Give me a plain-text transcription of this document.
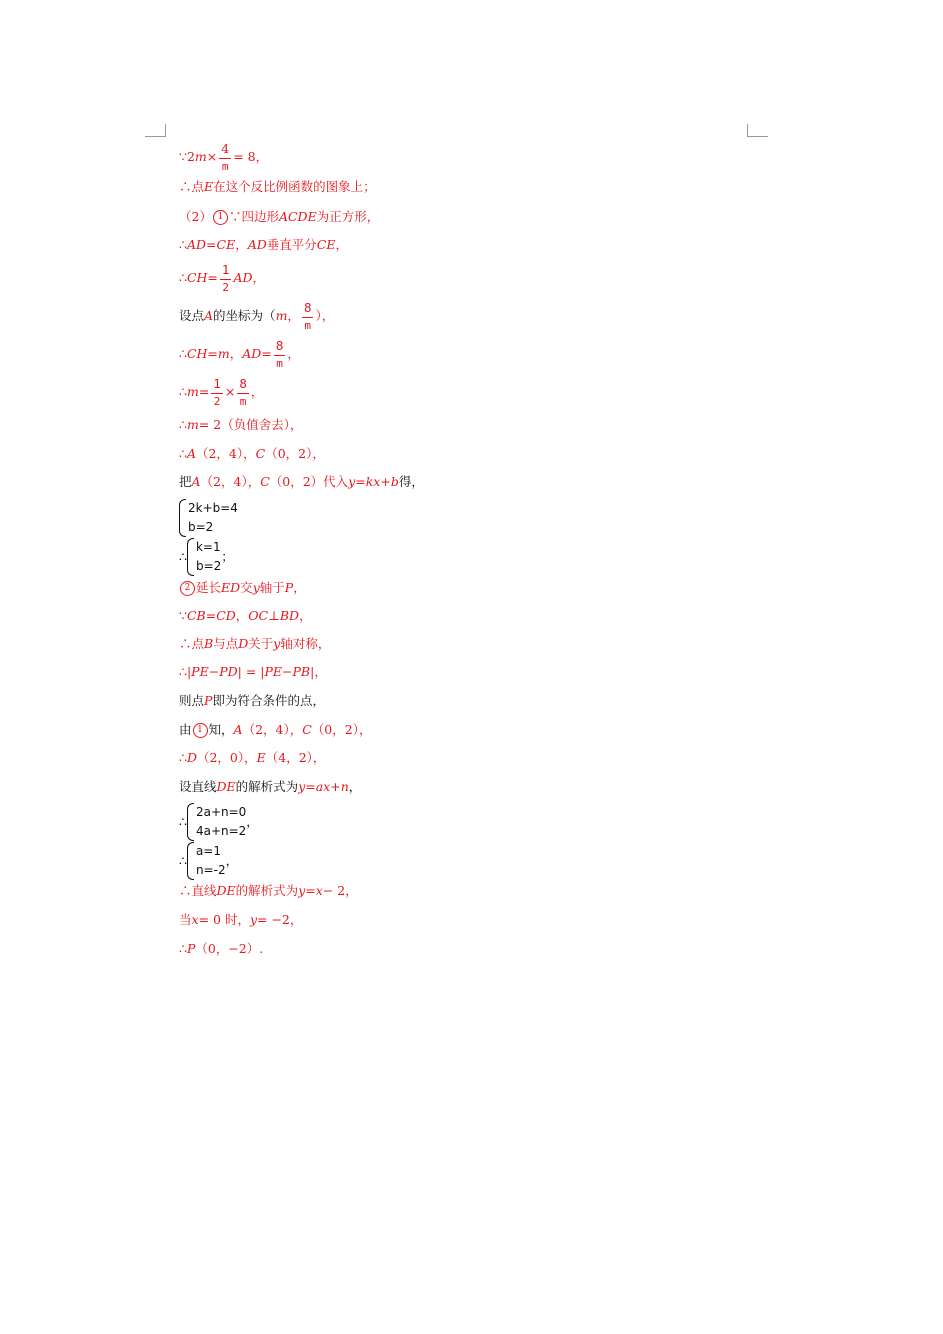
∵2 $m \times \frac{4}{m} = 8$，
∴点 E 在这个反比例函数的图象上；
（2） 1 ∵四边形 ACDE 为正方形，
∴ AD = CE ， AD 垂直平分 CE ，
∴ CH = $\frac{1}{2}$ AD ，
设点 A 的坐标为（ m ， $\frac{8}{m}$ ），
∴ CH = m ， AD = $\frac{8}{m}$ ，
∴ $m = \frac{1}{2} \times \frac{8}{m}$ ，
∴ m = 2（负值舍去），
∴ A （2，4）， C （0，2），
把 A （2，4）， C （0，2）代入 y = kx + b 得，
2k+b=4
b=2
∴
k=1
b=2
；
2 延长 ED 交 y 轴于 P ，
∵ CB = CD ， OC ⊥ BD ，
∴点 B 与点 D 关于 y 轴对称，
∴| PE − PD | = | PE − PB |，
则点 P 即为符合条件的点，
由 1 知， A （2，4）， C （0，2），
∴ D （2，0）， E （4，2），
设直线 DE 的解析式为 y = ax + n ，
∴
2a+n=0
4a+n=2
，
∴
a=1
n=-2
，
∴直线 DE 的解析式为 y = x − 2，
当 x = 0 时， y = −2，
∴ P （0，−2）.
